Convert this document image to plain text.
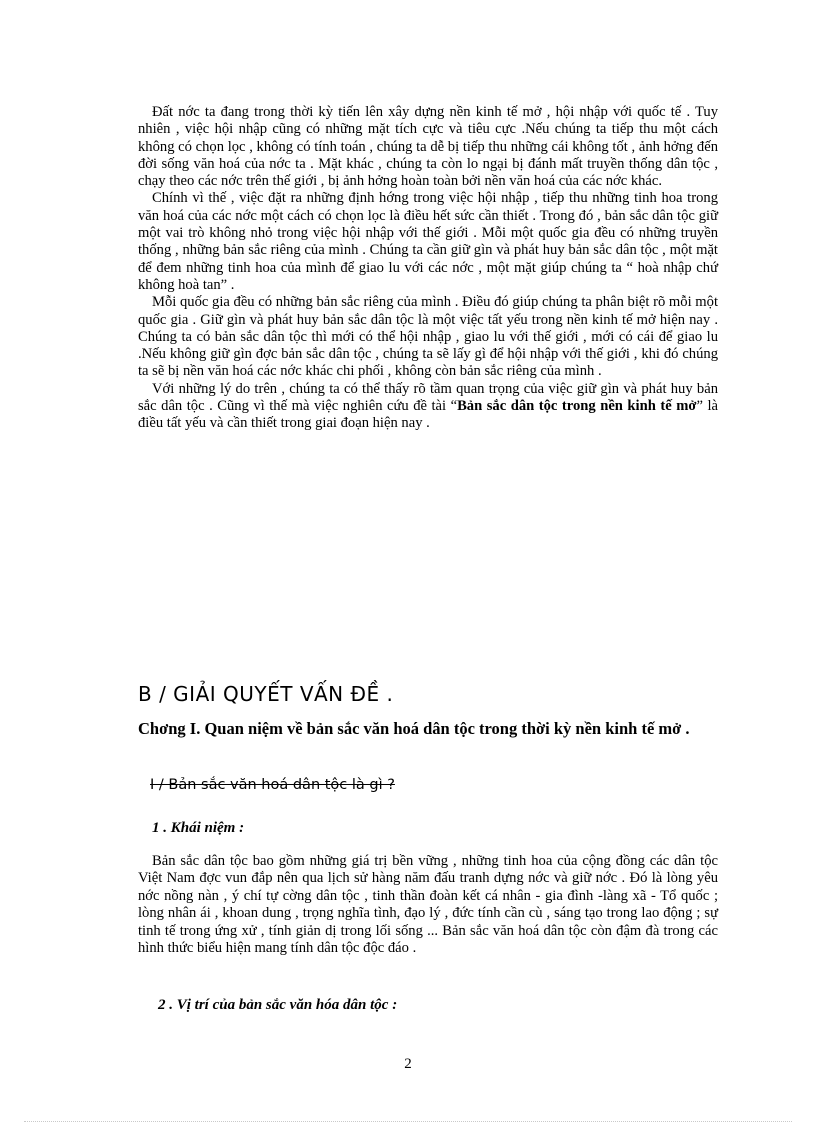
Đất nớc ta đang trong thời kỳ tiến lên xây dựng nền kinh tế mở , hội nhập với quốc tế . Tuy nhiên , việc hội nhập cũng có những mặt tích cực và tiêu cực .Nếu chúng ta tiếp thu một cách không có chọn lọc , không có tính toán , chúng ta dễ bị tiếp thu những cái không tốt , ảnh hởng đến đời sống văn hoá của nớc ta . Mặt khác , chúng ta còn lo ngại bị đánh mất truyền thống dân tộc , chạy theo các nớc trên thế giới , bị ảnh hởng hoàn toàn bởi nền văn hoá của các nớc khác.

Chính vì thế , việc đặt ra những định hớng trong việc hội nhập , tiếp thu những tinh hoa trong văn hoá của các nớc một cách có chọn lọc là điều hết sức cần thiết . Trong đó , bản sắc dân tộc giữ một vai trò không nhỏ trong việc hội nhập với thế giới . Mỗi một quốc gia đều có những truyền thống , những bản sắc riêng của mình . Chúng ta cần giữ gìn và phát huy bản sắc dân tộc , một mặt để đem những tinh hoa của mình để giao lu với các nớc , một mặt giúp chúng ta “ hoà nhập chứ không hoà tan” .

Mỗi quốc gia đều có những bản sắc riêng của mình . Điều đó giúp chúng ta phân biệt rõ mỗi một quốc gia . Giữ gìn và phát huy bản sắc dân tộc là một việc tất yếu trong nền kinh tế mở hiện nay . Chúng ta có bản sắc dân tộc thì mới có thể hội nhập , giao lu với thế giới , mới có cái để giao lu .Nếu không giữ gìn đợc bản sắc dân tộc , chúng ta sẽ lấy gì để hội nhập với thế giới , khi đó chúng ta sẽ bị nền văn hoá các nớc khác chi phối , không còn bản sắc riêng của mình .

Với những lý do trên , chúng ta có thể thấy rõ tầm quan trọng của việc giữ gìn và phát huy bản sắc dân tộc . Cũng vì thế mà việc nghiên cứu đề tài “Bản sắc dân tộc trong nền kinh tế mở” là điều tất yếu và cần thiết trong giai đoạn hiện nay .

B / GIẢI QUYẾT VẤN ĐỀ .
Chơng I. Quan niệm về bản sắc văn hoá dân tộc trong thời kỳ nền kinh tế mở .
I / Bản sắc văn hoá dân tộc là gì ?
1 . Khái niệm :

Bản sắc dân tộc bao gồm những giá trị bền vững , những tinh hoa của cộng đồng các dân tộc Việt Nam đợc vun đắp nên qua lịch sử hàng năm đấu tranh dựng nớc và giữ nớc . Đó là lòng yêu nớc nồng nàn , ý chí tự cờng dân tộc , tinh thần đoàn kết cá nhân - gia đình -làng xã - Tổ quốc ; lòng nhân ái , khoan dung , trọng nghĩa tình, đạo lý , đức tính cần cù , sáng tạo trong lao động ; sự tinh tế trong ứng xử , tính giản dị trong lối sống ... Bản sắc văn hoá dân tộc còn đậm đà trong các hình thức biểu hiện mang tính dân tộc độc đáo .

2 . Vị trí của bản sắc văn hóa dân tộc :
2
